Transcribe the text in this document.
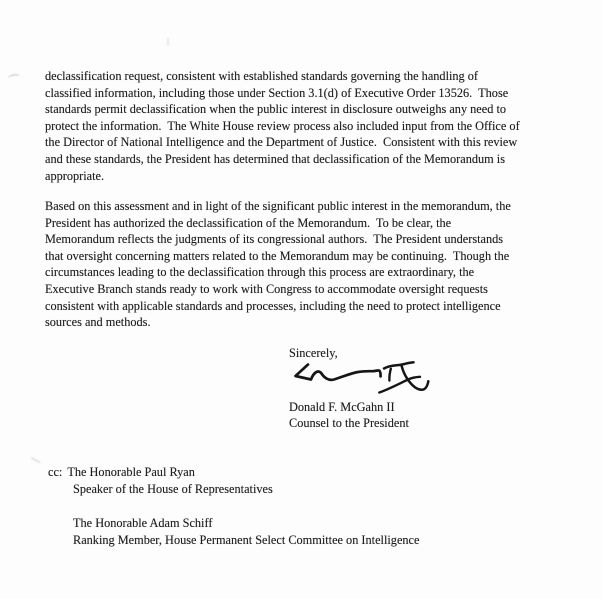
declassification request, consistent with established standards governing the handling of
classified information, including those under Section 3.1(d) of Executive Order 13526.  Those
standards permit declassification when the public interest in disclosure outweighs any need to
protect the information.  The White House review process also included input from the Office of
the Director of National Intelligence and the Department of Justice.  Consistent with this review
and these standards, the President has determined that declassification of the Memorandum is
appropriate.
Based on this assessment and in light of the significant public interest in the memorandum, the
President has authorized the declassification of the Memorandum.  To be clear, the
Memorandum reflects the judgments of its congressional authors.  The President understands
that oversight concerning matters related to the Memorandum may be continuing.  Though the
circumstances leading to the declassification through this process are extraordinary, the
Executive Branch stands ready to work with Congress to accommodate oversight requests
consistent with applicable standards and processes, including the need to protect intelligence
sources and methods.
Sincerely,
Donald F. McGahn II
Counsel to the President
cc: The Honorable Paul Ryan
Speaker of the House of Representatives

The Honorable Adam Schiff
Ranking Member, House Permanent Select Committee on Intelligence
